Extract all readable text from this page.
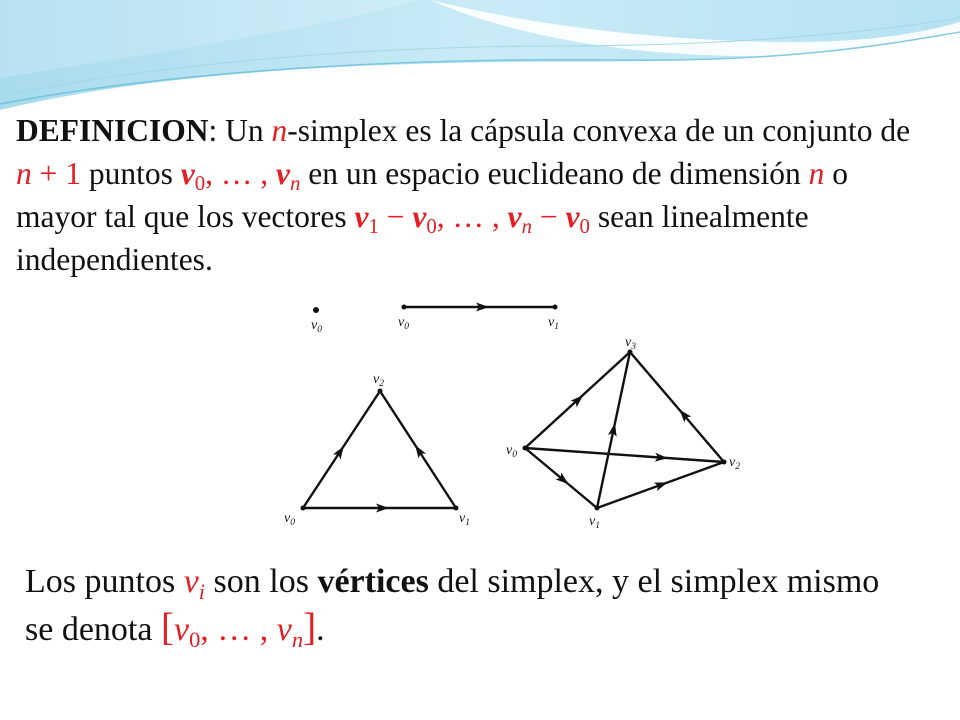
DEFINICION: Un n-simplex es la cápsula convexa de un conjunto de
n + 1 puntos v0, … , vn en un espacio euclideano de dimensión n o
mayor tal que los vectores v1 − v0, … , vn − v0 sean linealmente
independientes.
$v_0$	$v_0$	$v_1$
$v_0$	$v_1$
$v_2$
$v_0$
$v_1$
$v_2$
$v_3$
Los puntos vi son los vértices del simplex, y el simplex mismo
se denota [v0, … , vn].
